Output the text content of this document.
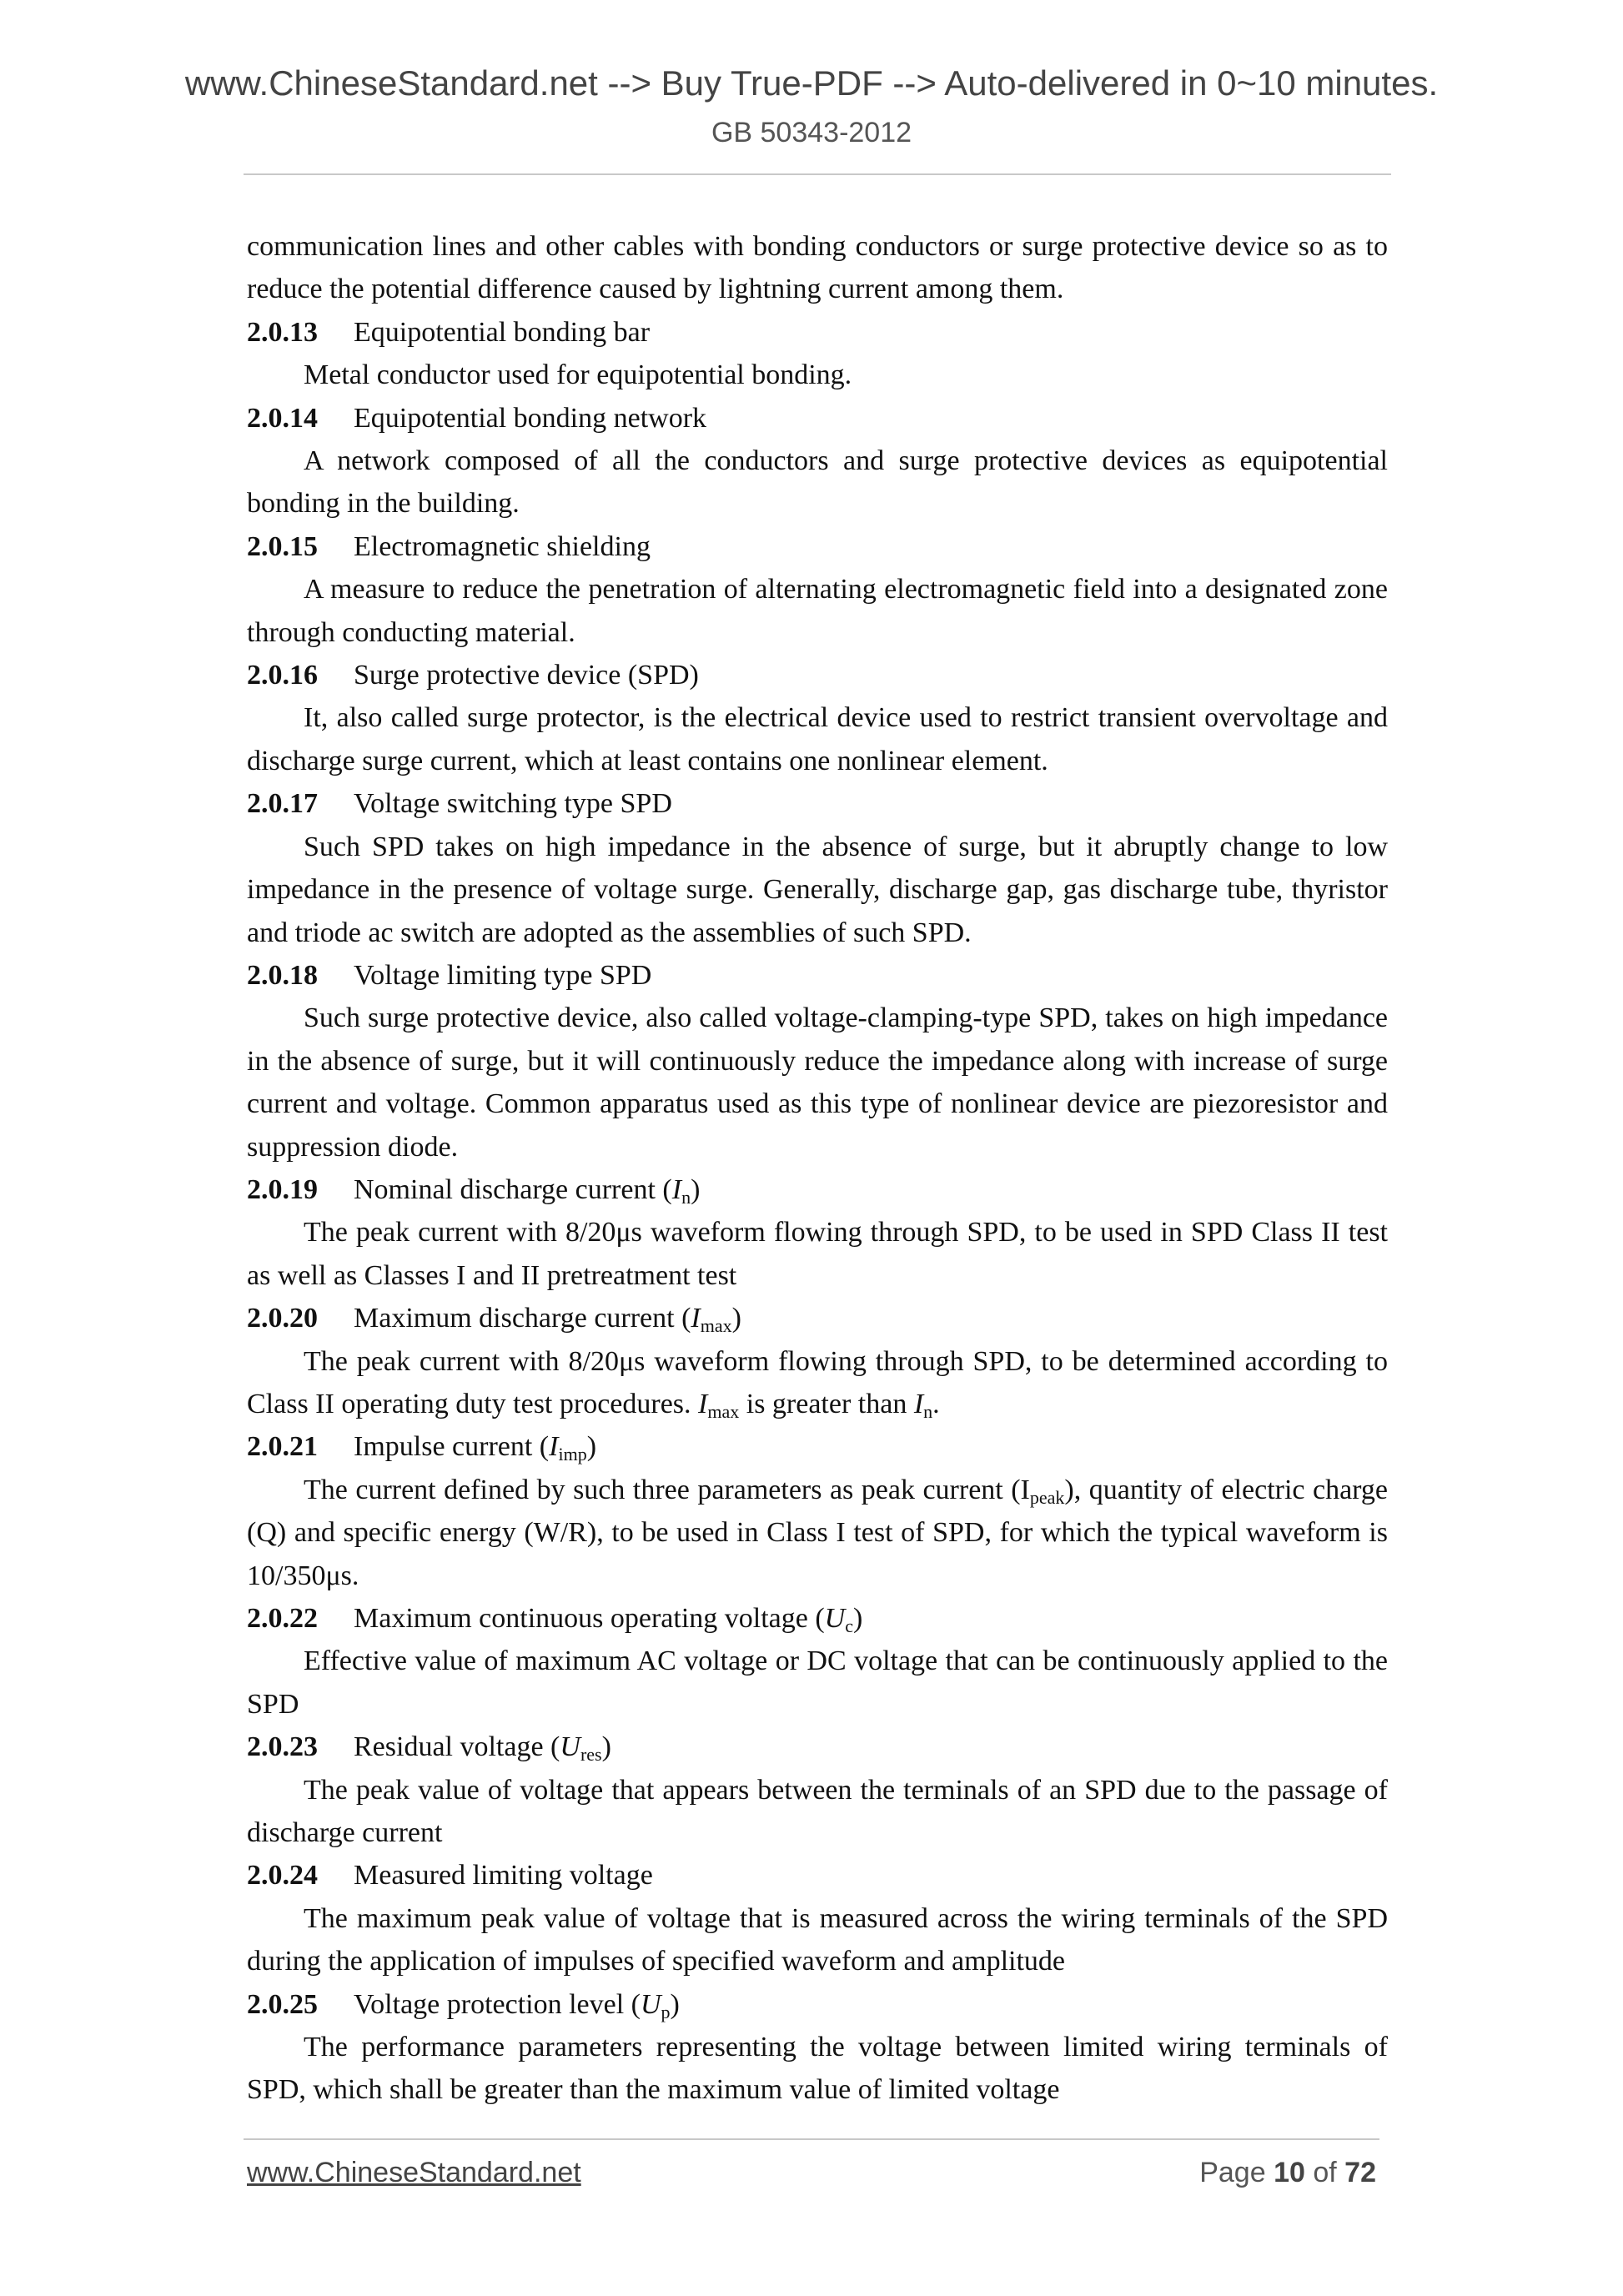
www.ChineseStandard.net --> Buy True-PDF --> Auto-delivered in 0~10 minutes.
GB 50343-2012

communication lines and other cables with bonding conductors or surge protective device so as to reduce the potential difference caused by lightning current among them.

2.0.13 Equipotential bonding bar

Metal conductor used for equipotential bonding.

2.0.14 Equipotential bonding network

A network composed of all the conductors and surge protective devices as equipotential bonding in the building.

2.0.15 Electromagnetic shielding

A measure to reduce the penetration of alternating electromagnetic field into a designated zone through conducting material.

2.0.16 Surge protective device (SPD)

It, also called surge protector, is the electrical device used to restrict transient overvoltage and discharge surge current, which at least contains one nonlinear element.

2.0.17 Voltage switching type SPD

Such SPD takes on high impedance in the absence of surge, but it abruptly change to low impedance in the presence of voltage surge. Generally, discharge gap, gas discharge tube, thyristor and triode ac switch are adopted as the assemblies of such SPD.

2.0.18 Voltage limiting type SPD

Such surge protective device, also called voltage-clamping-type SPD, takes on high impedance in the absence of surge, but it will continuously reduce the impedance along with increase of surge current and voltage. Common apparatus used as this type of nonlinear device are piezoresistor and suppression diode.

2.0.19 Nominal discharge current $(I_n)$

The peak current with 8/20μs waveform flowing through SPD, to be used in SPD Class II test as well as Classes I and II pretreatment test

2.0.20 Maximum discharge current $(I_{max})$

The peak current with 8/20μs waveform flowing through SPD, to be determined according to Class II operating duty test procedures. $I_{max}$ is greater than $I_n$.

2.0.21 Impulse current $(I_{imp})$

The current defined by such three parameters as peak current $(I_{peak})$, quantity of electric charge (Q) and specific energy (W/R), to be used in Class I test of SPD, for which the typical waveform is 10/350μs.

2.0.22 Maximum continuous operating voltage $(U_c)$

Effective value of maximum AC voltage or DC voltage that can be continuously applied to the SPD

2.0.23 Residual voltage $(U_{res})$

The peak value of voltage that appears between the terminals of an SPD due to the passage of discharge current

2.0.24 Measured limiting voltage

The maximum peak value of voltage that is measured across the wiring terminals of the SPD during the application of impulses of specified waveform and amplitude

2.0.25 Voltage protection level $(U_p)$

The performance parameters representing the voltage between limited wiring terminals of SPD, which shall be greater than the maximum value of limited voltage

www.ChineseStandard.net	Page 10 of 72
